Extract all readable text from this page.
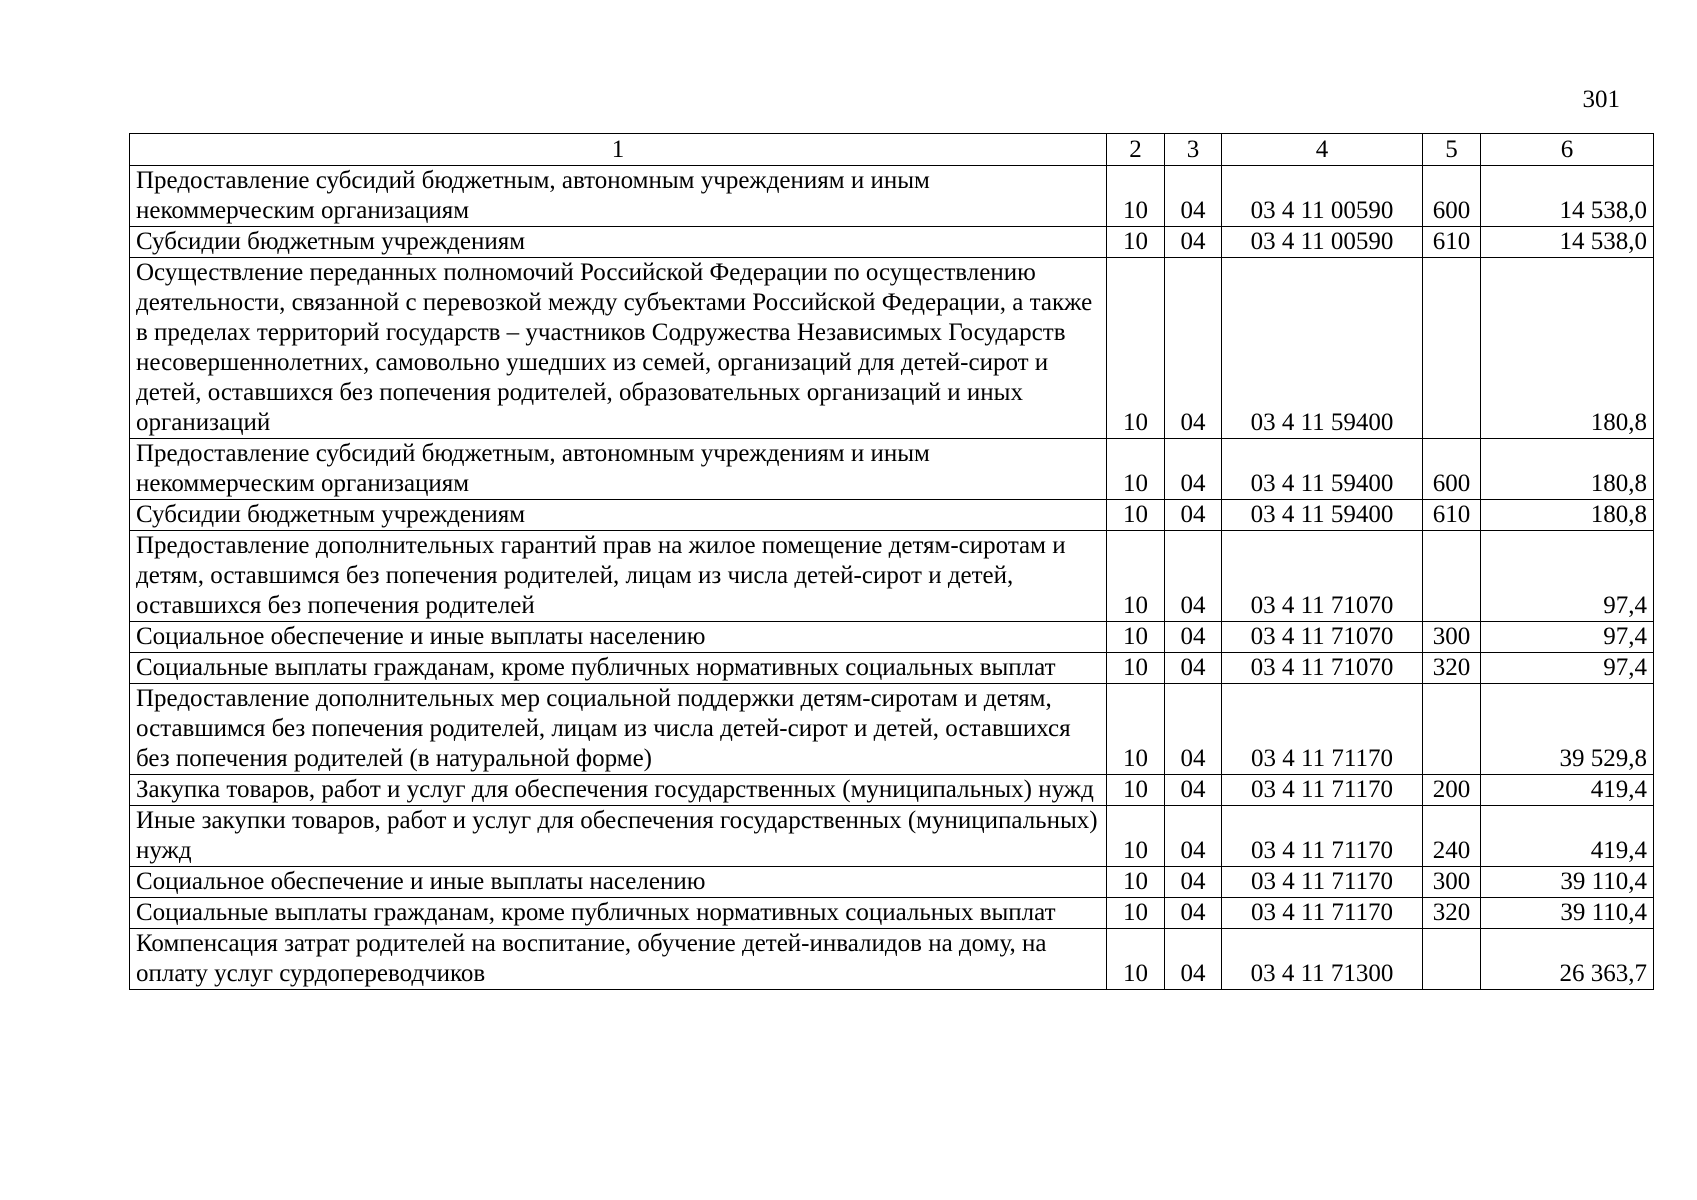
301
1	2	3	4	5	6
Предоставление субсидий бюджетным, автономным учреждениям и иным некоммерческим организациям	10	04	03 4 11 00590	600	14 538,0
Субсидии бюджетным учреждениям	10	04	03 4 11 00590	610	14 538,0
Осуществление переданных полномочий Российской Федерации по осуществлению деятельности, связанной с перевозкой между субъектами Российской Федерации, а также в пределах территорий государств – участников Содружества Независимых Государств несовершеннолетних, самовольно ушедших из семей, организаций для детей-сирот и детей, оставшихся без попечения родителей, образовательных организаций и иных организаций	10	04	03 4 11 59400		180,8
Предоставление субсидий бюджетным, автономным учреждениям и иным некоммерческим организациям	10	04	03 4 11 59400	600	180,8
Субсидии бюджетным учреждениям	10	04	03 4 11 59400	610	180,8
Предоставление дополнительных гарантий прав на жилое помещение детям-сиротам и детям, оставшимся без попечения родителей, лицам из числа детей-сирот и детей, оставшихся без попечения родителей	10	04	03 4 11 71070		97,4
Социальное обеспечение и иные выплаты населению	10	04	03 4 11 71070	300	97,4
Социальные выплаты гражданам, кроме публичных нормативных социальных выплат	10	04	03 4 11 71070	320	97,4
Предоставление дополнительных мер социальной поддержки детям-сиротам и детям, оставшимся без попечения родителей, лицам из числа детей-сирот и детей, оставшихся без попечения родителей (в натуральной форме)	10	04	03 4 11 71170		39 529,8
Закупка товаров, работ и услуг для обеспечения государственных (муниципальных) нужд	10	04	03 4 11 71170	200	419,4
Иные закупки товаров, работ и услуг для обеспечения государственных (муниципальных) нужд	10	04	03 4 11 71170	240	419,4
Социальное обеспечение и иные выплаты населению	10	04	03 4 11 71170	300	39 110,4
Социальные выплаты гражданам, кроме публичных нормативных социальных выплат	10	04	03 4 11 71170	320	39 110,4
Компенсация затрат родителей на воспитание, обучение детей-инвалидов на дому, на оплату услуг сурдопереводчиков	10	04	03 4 11 71300		26 363,7
